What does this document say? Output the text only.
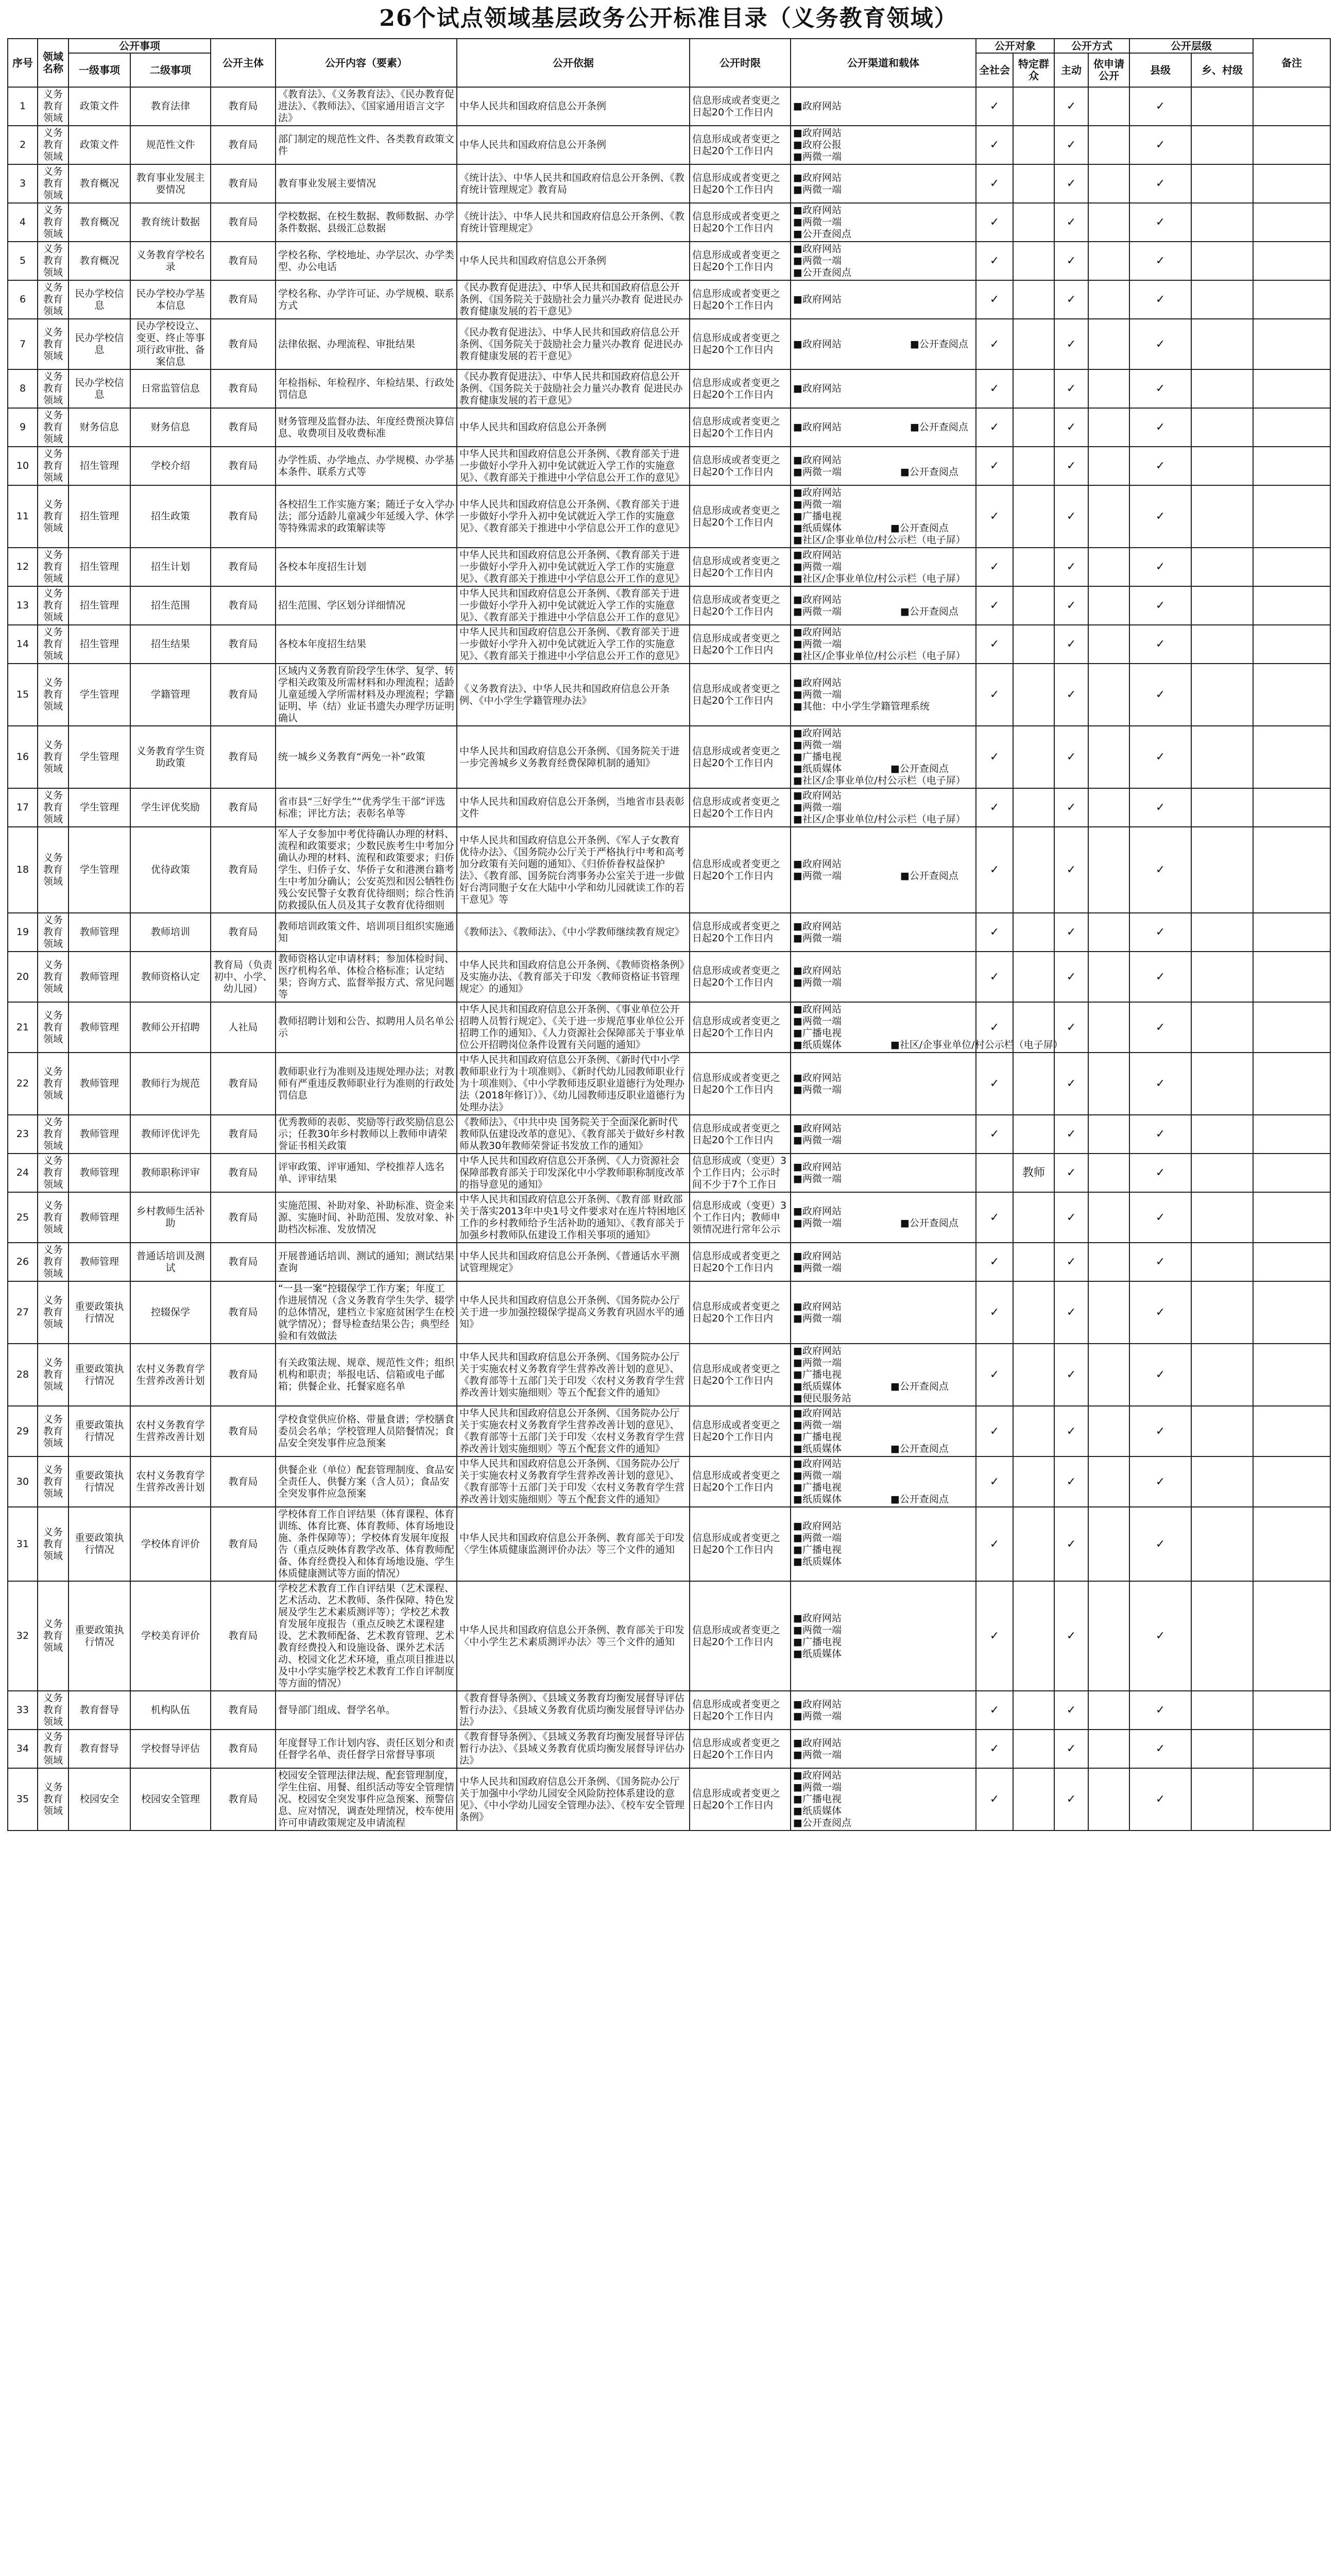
26个试点领域基层政务公开标准目录（义务教育领域）
序号	领域名称	公开事项		公开主体	公开内容（要素）	公开依据	公开时限	公开渠道和载体	公开对象		公开方式		公开层级		备注
		一级事项	二级事项						全社会	特定群众	主动	依申请公开	县级	乡、村级	
1	义务教育领域	政策文件	教育法律	教育局	《教育法》、《义务教育法》、《民办教育促进法》、《教师法》、《国家通用语言文字法》	中华人民共和国政府信息公开条例	信息形成或者变更之日起20个工作日内	■政府网站	✓		✓		✓		
2	义务教育领域	政策文件	规范性文件	教育局	部门制定的规范性文件、各类教育政策文件	中华人民共和国政府信息公开条例	信息形成或者变更之日起20个工作日内	■政府网站
■政府公报
■两微一端	✓		✓		✓		
3	义务教育领域	教育概况	教育事业发展主要情况	教育局	教育事业发展主要情况	《统计法》、中华人民共和国政府信息公开条例、《教育统计管理规定》教育局	信息形成或者变更之日起20个工作日内	■政府网站
■两微一端	✓		✓		✓		
4	义务教育领域	教育概况	教育统计数据	教育局	学校数据、在校生数据、教师数据、办学条件数据、县级汇总数据	《统计法》、中华人民共和国政府信息公开条例、《教育统计管理规定》	信息形成或者变更之日起20个工作日内	■政府网站
■两微一端
■公开查阅点	✓		✓		✓		
5	义务教育领域	教育概况	义务教育学校名录	教育局	学校名称、学校地址、办学层次、办学类型、办公电话	中华人民共和国政府信息公开条例	信息形成或者变更之日起20个工作日内	■政府网站
■两微一端
■公开查阅点	✓		✓		✓		
6	义务教育领域	民办学校信息	民办学校办学基本信息	教育局	学校名称、办学许可证、办学规模、联系方式	《民办教育促进法》、中华人民共和国政府信息公开条例、《国务院关于鼓励社会力量兴办教育 促进民办教育健康发展的若干意见》	信息形成或者变更之日起20个工作日内	■政府网站	✓		✓		✓		
7	义务教育领域	民办学校信息	民办学校设立、变更、终止等事项行政审批、备案信息	教育局	法律依据、办理流程、审批结果	《民办教育促进法》、中华人民共和国政府信息公开条例、《国务院关于鼓励社会力量兴办教育 促进民办教育健康发展的若干意见》	信息形成或者变更之日起20个工作日内	■政府网站　　　　　　　■公开查阅点	✓		✓		✓		
8	义务教育领域	民办学校信息	日常监管信息	教育局	年检指标、年检程序、年检结果、行政处罚信息	《民办教育促进法》、中华人民共和国政府信息公开条例、《国务院关于鼓励社会力量兴办教育 促进民办教育健康发展的若干意见》	信息形成或者变更之日起20个工作日内	■政府网站	✓		✓		✓		
9	义务教育领域	财务信息	财务信息	教育局	财务管理及监督办法、年度经费预决算信息、收费项目及收费标准	中华人民共和国政府信息公开条例	信息形成或者变更之日起20个工作日内	■政府网站　　　　　　　■公开查阅点	✓		✓		✓		
10	义务教育领域	招生管理	学校介绍	教育局	办学性质、办学地点、办学规模、办学基本条件、联系方式等	中华人民共和国政府信息公开条例、《教育部关于进一步做好小学升入初中免试就近入学工作的实施意见》、《教育部关于推进中小学信息公开工作的意见》	信息形成或者变更之日起20个工作日内	■政府网站
■两微一端　　　　　　■公开查阅点	✓		✓		✓		
11	义务教育领域	招生管理	招生政策	教育局	各校招生工作实施方案；随迁子女入学办法；部分适龄儿童减少年延缓入学、休学等特殊需求的政策解读等	中华人民共和国政府信息公开条例、《教育部关于进一步做好小学升入初中免试就近入学工作的实施意见》、《教育部关于推进中小学信息公开工作的意见》	信息形成或者变更之日起20个工作日内	■政府网站
■两微一端
■广播电视
■纸质媒体　　　　　■公开查阅点
■社区/企事业单位/村公示栏（电子屏）	✓		✓		✓		
12	义务教育领域	招生管理	招生计划	教育局	各校本年度招生计划	中华人民共和国政府信息公开条例、《教育部关于进一步做好小学升入初中免试就近入学工作的实施意见》、《教育部关于推进中小学信息公开工作的意见》	信息形成或者变更之日起20个工作日内	■政府网站
■两微一端
■社区/企事业单位/村公示栏（电子屏）	✓		✓		✓		
13	义务教育领域	招生管理	招生范围	教育局	招生范围、学区划分详细情况	中华人民共和国政府信息公开条例、《教育部关于进一步做好小学升入初中免试就近入学工作的实施意见》、《教育部关于推进中小学信息公开工作的意见》	信息形成或者变更之日起20个工作日内	■政府网站
■两微一端　　　　　　■公开查阅点	✓		✓		✓		
14	义务教育领域	招生管理	招生结果	教育局	各校本年度招生结果	中华人民共和国政府信息公开条例、《教育部关于进一步做好小学升入初中免试就近入学工作的实施意见》、《教育部关于推进中小学信息公开工作的意见》	信息形成或者变更之日起20个工作日内	■政府网站
■两微一端
■社区/企事业单位/村公示栏（电子屏）	✓		✓		✓		
15	义务教育领域	学生管理	学籍管理	教育局	区域内义务教育阶段学生休学、复学、转学相关政策及所需材料和办理流程；适龄儿童延缓入学所需材料及办理流程；学籍证明、毕（结）业证书遗失办理学历证明确认	《义务教育法》、中华人民共和国政府信息公开条例、《中小学生学籍管理办法》	信息形成或者变更之日起20个工作日内	■政府网站
■两微一端
■其他：中小学生学籍管理系统	✓		✓		✓		
16	义务教育领域	学生管理	义务教育学生资助政策	教育局	统一城乡义务教育“两免一补”政策	中华人民共和国政府信息公开条例、《国务院关于进一步完善城乡义务教育经费保障机制的通知》	信息形成或者变更之日起20个工作日内	■政府网站
■两微一端
■广播电视
■纸质媒体　　　　　■公开查阅点
■社区/企事业单位/村公示栏（电子屏）	✓		✓		✓		
17	义务教育领域	学生管理	学生评优奖励	教育局	省市县“三好学生”“优秀学生干部”评选标准；评比方法；表彰名单等	中华人民共和国政府信息公开条例，当地省市县表彰文件	信息形成或者变更之日起20个工作日内	■政府网站
■两微一端
■社区/企事业单位/村公示栏（电子屏）	✓		✓		✓		
18	义务教育领域	学生管理	优待政策	教育局	军人子女参加中考优待确认办理的材料、流程和政策要求；少数民族考生中考加分确认办理的材料、流程和政策要求；归侨学生、归侨子女、华侨子女和港澳台籍考生中考加分确认；公安英烈和因公牺牲伤残公安民警子女教育优待细则；综合性消防救援队伍人员及其子女教育优待细则	中华人民共和国政府信息公开条例、《军人子女教育优待办法》、《国务院办公厅关于严格执行中考和高考加分政策有关问题的通知》、《归侨侨眷权益保护法》、《教育部、国务院台湾事务办公室关于进一步做好台湾同胞子女在大陆中小学和幼儿园就读工作的若干意见》等	信息形成或者变更之日起20个工作日内	■政府网站
■两微一端　　　　　　■公开查阅点	✓		✓		✓		
19	义务教育领域	教师管理	教师培训	教育局	教师培训政策文件、培训项目组织实施通知	《教师法》、《教师法》、《中小学教师继续教育规定》	信息形成或者变更之日起20个工作日内	■政府网站
■两微一端	✓		✓		✓		
20	义务教育领域	教师管理	教师资格认定	教育局（负责初中、小学、幼儿园）	教师资格认定申请材料；参加体检时间、医疗机构名单、体检合格标准；认定结果；咨询方式、监督举报方式、常见问题等	中华人民共和国政府信息公开条例、《教师资格条例》及实施办法、《教育部关于印发〈教师资格证书管理规定〉的通知》	信息形成或者变更之日起20个工作日内	■政府网站
■两微一端	✓		✓		✓		
21	义务教育领域	教师管理	教师公开招聘	人社局	教师招聘计划和公告、拟聘用人员名单公示	中华人民共和国政府信息公开条例、《事业单位公开招聘人员暂行规定》、《关于进一步规范事业单位公开招聘工作的通知》、《人力资源社会保障部关于事业单位公开招聘岗位条件设置有关问题的通知》	信息形成或者变更之日起20个工作日内	■政府网站
■两微一端
■广播电视
■纸质媒体　　　　　■社区/企事业单位/村公示栏（电子屏）	✓		✓		✓		
22	义务教育领域	教师管理	教师行为规范	教育局	教师职业行为准则及违规处理办法；对教师有严重违反教师职业行为准则的行政处罚信息	中华人民共和国政府信息公开条例、《新时代中小学教师职业行为十项准则》、《新时代幼儿园教师职业行为十项准则》、《中小学教师违反职业道德行为处理办法（2018年修订）》、《幼儿园教师违反职业道德行为处理办法》	信息形成或者变更之日起20个工作日内	■政府网站
■两微一端	✓		✓		✓		
23	义务教育领域	教师管理	教师评优评先	教育局	优秀教师的表彰、奖励等行政奖励信息公示；任教30年乡村教师以上教师申请荣誉证书相关政策	《教师法》、《中共中央 国务院关于全面深化新时代教师队伍建设改革的意见》、《教育部关于做好乡村教师从教30年教师荣誉证书发放工作的通知》	信息形成或者变更之日起20个工作日内	■政府网站
■两微一端	✓		✓		✓		
24	义务教育领域	教师管理	教师职称评审	教育局	评审政策、评审通知、学校推荐人选名单、评审结果	中华人民共和国政府信息公开条例、《人力资源社会保障部教育部关于印发深化中小学教师职称制度改革的指导意见的通知》	信息形成或（变更）3个工作日内；公示时间不少于7个工作日	■政府网站
■两微一端		教师	✓		✓		
25	义务教育领域	教师管理	乡村教师生活补助	教育局	实施范围、补助对象、补助标准、资金来源、实施时间、补助范围、发放对象、补助档次标准、发放情况	中华人民共和国政府信息公开条例、《教育部 财政部关于落实2013年中央1号文件要求对在连片特困地区工作的乡村教师给予生活补助的通知》、《教育部关于加强乡村教师队伍建设工作相关事项的通知》	信息形成或（变更）3个工作日内；教师申领情况进行常年公示	■政府网站
■两微一端　　　　　　■公开查阅点	✓		✓		✓		
26	义务教育领域	教师管理	普通话培训及测试	教育局	开展普通话培训、测试的通知；测试结果查询	中华人民共和国政府信息公开条例、《普通话水平测试管理规定》	信息形成或者变更之日起20个工作日内	■政府网站
■两微一端	✓		✓		✓		
27	义务教育领域	重要政策执行情况	控辍保学	教育局	“一县一案”控辍保学工作方案；年度工作进展情况（含义务教育学生失学、辍学的总体情况，建档立卡家庭贫困学生在校就学情况）；督导检查结果公告；典型经验和有效做法	中华人民共和国政府信息公开条例、《国务院办公厅关于进一步加强控辍保学提高义务教育巩固水平的通知》	信息形成或者变更之日起20个工作日内	■政府网站
■两微一端	✓		✓		✓		
28	义务教育领域	重要政策执行情况	农村义务教育学生营养改善计划	教育局	有关政策法规、规章、规范性文件；组织机构和职责；举报电话、信箱或电子邮箱；供餐企业、托餐家庭名单	中华人民共和国政府信息公开条例、《国务院办公厅关于实施农村义务教育学生营养改善计划的意见》、《教育部等十五部门关于印发〈农村义务教育学生营养改善计划实施细则〉等五个配套文件的通知》	信息形成或者变更之日起20个工作日内	■政府网站
■两微一端
■广播电视
■纸质媒体　　　　　■公开查阅点
■便民服务站	✓		✓		✓		
29	义务教育领域	重要政策执行情况	农村义务教育学生营养改善计划	教育局	学校食堂供应价格、带量食谱；学校膳食委员会名单；学校管理人员陪餐情况；食品安全突发事件应急预案	中华人民共和国政府信息公开条例、《国务院办公厅关于实施农村义务教育学生营养改善计划的意见》、《教育部等十五部门关于印发〈农村义务教育学生营养改善计划实施细则〉等五个配套文件的通知》	信息形成或者变更之日起20个工作日内	■政府网站
■两微一端
■广播电视
■纸质媒体　　　　　■公开查阅点	✓		✓		✓		
30	义务教育领域	重要政策执行情况	农村义务教育学生营养改善计划	教育局	供餐企业（单位）配套管理制度、食品安全责任人、供餐方案（含人员）；食品安全突发事件应急预案	中华人民共和国政府信息公开条例、《国务院办公厅关于实施农村义务教育学生营养改善计划的意见》、《教育部等十五部门关于印发〈农村义务教育学生营养改善计划实施细则〉等五个配套文件的通知》	信息形成或者变更之日起20个工作日内	■政府网站
■两微一端
■广播电视
■纸质媒体　　　　　■公开查阅点	✓		✓		✓		
31	义务教育领域	重要政策执行情况	学校体育评价	教育局	学校体育工作自评结果（体育课程、体育训练、体育比赛、体育教师、体育场地设施、条件保障等）；学校体育发展年度报告（重点反映体育教学改革、体育教师配备、体育经费投入和体育场地设施、学生体质健康测试等方面的情况）	中华人民共和国政府信息公开条例、教育部关于印发〈学生体质健康监测评价办法〉等三个文件的通知	信息形成或者变更之日起20个工作日内	■政府网站
■两微一端
■广播电视
■纸质媒体	✓		✓		✓		
32	义务教育领域	重要政策执行情况	学校美育评价	教育局	学校艺术教育工作自评结果（艺术课程、艺术活动、艺术教师、条件保障、特色发展及学生艺术素质测评等）；学校艺术教育发展年度报告（重点反映艺术课程建设、艺术教师配备、艺术教育管理、艺术教育经费投入和设施设备、课外艺术活动、校园文化艺术环境，重点项目推进以及中小学实施学校艺术教育工作自评制度等方面的情况）	中华人民共和国政府信息公开条例、教育部关于印发〈中小学生艺术素质测评办法〉等三个文件的通知	信息形成或者变更之日起20个工作日内	■政府网站
■两微一端
■广播电视
■纸质媒体	✓		✓		✓		
33	义务教育领域	教育督导	机构队伍	教育局	督导部门组成、督学名单。	《教育督导条例》、《县域义务教育均衡发展督导评估暂行办法》、《县域义务教育优质均衡发展督导评估办法》	信息形成或者变更之日起20个工作日内	■政府网站
■两微一端	✓		✓		✓		
34	义务教育领域	教育督导	学校督导评估	教育局	年度督导工作计划内容、责任区划分和责任督学名单、责任督学日常督导事项	《教育督导条例》、《县域义务教育均衡发展督导评估暂行办法》、《县域义务教育优质均衡发展督导评估办法》	信息形成或者变更之日起20个工作日内	■政府网站
■两微一端	✓		✓		✓		
35	义务教育领域	校园安全	校园安全管理	教育局	校园安全管理法律法规、配套管理制度，学生住宿、用餐、组织活动等安全管理情况、校园安全突发事件应急预案、预警信息、应对情况，调查处理情况，校车使用许可申请政策规定及申请流程	中华人民共和国政府信息公开条例、《国务院办公厅关于加强中小学幼儿园安全风险防控体系建设的意见》、《中小学幼儿园安全管理办法》、《校车安全管理条例》	信息形成或者变更之日起20个工作日内	■政府网站
■两微一端
■广播电视
■纸质媒体
■公开查阅点	✓		✓		✓		
